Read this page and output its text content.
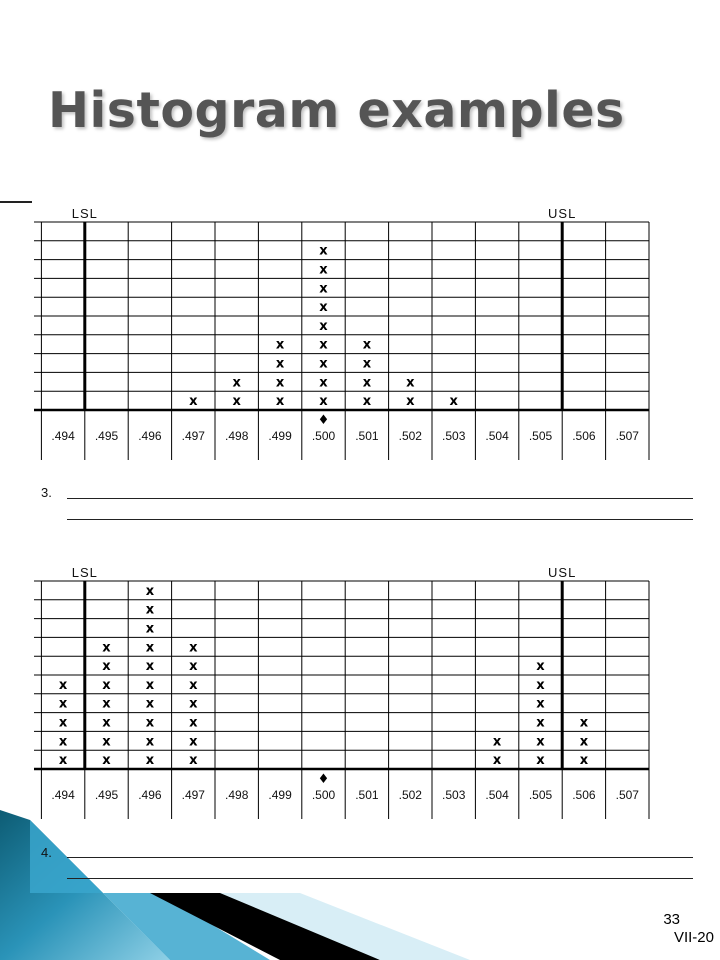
Histogram examples
LSL	USL
.494 .495 .496
x
.497
x
x
.498
x
x
x
x
.499
x
x
x
x
x
x
x
x
x
.500
x
x
x
x
.501
x
x
.502
x
.503 .504 .505 .506 .507
♦
3.
LSL	USL
x
x
x
x
x
.494
x
x
x
x
x
x
x
.495
x
x
x
x
x
x
x
x
x
x
.496
x
x
x
x
x
x
x
.497 .498 .499 .500 .501 .502 .503
x
x
.504
x
x
x
x
x
x
.505
x
x
x
.506 .507
♦
4.
33
VII-20
